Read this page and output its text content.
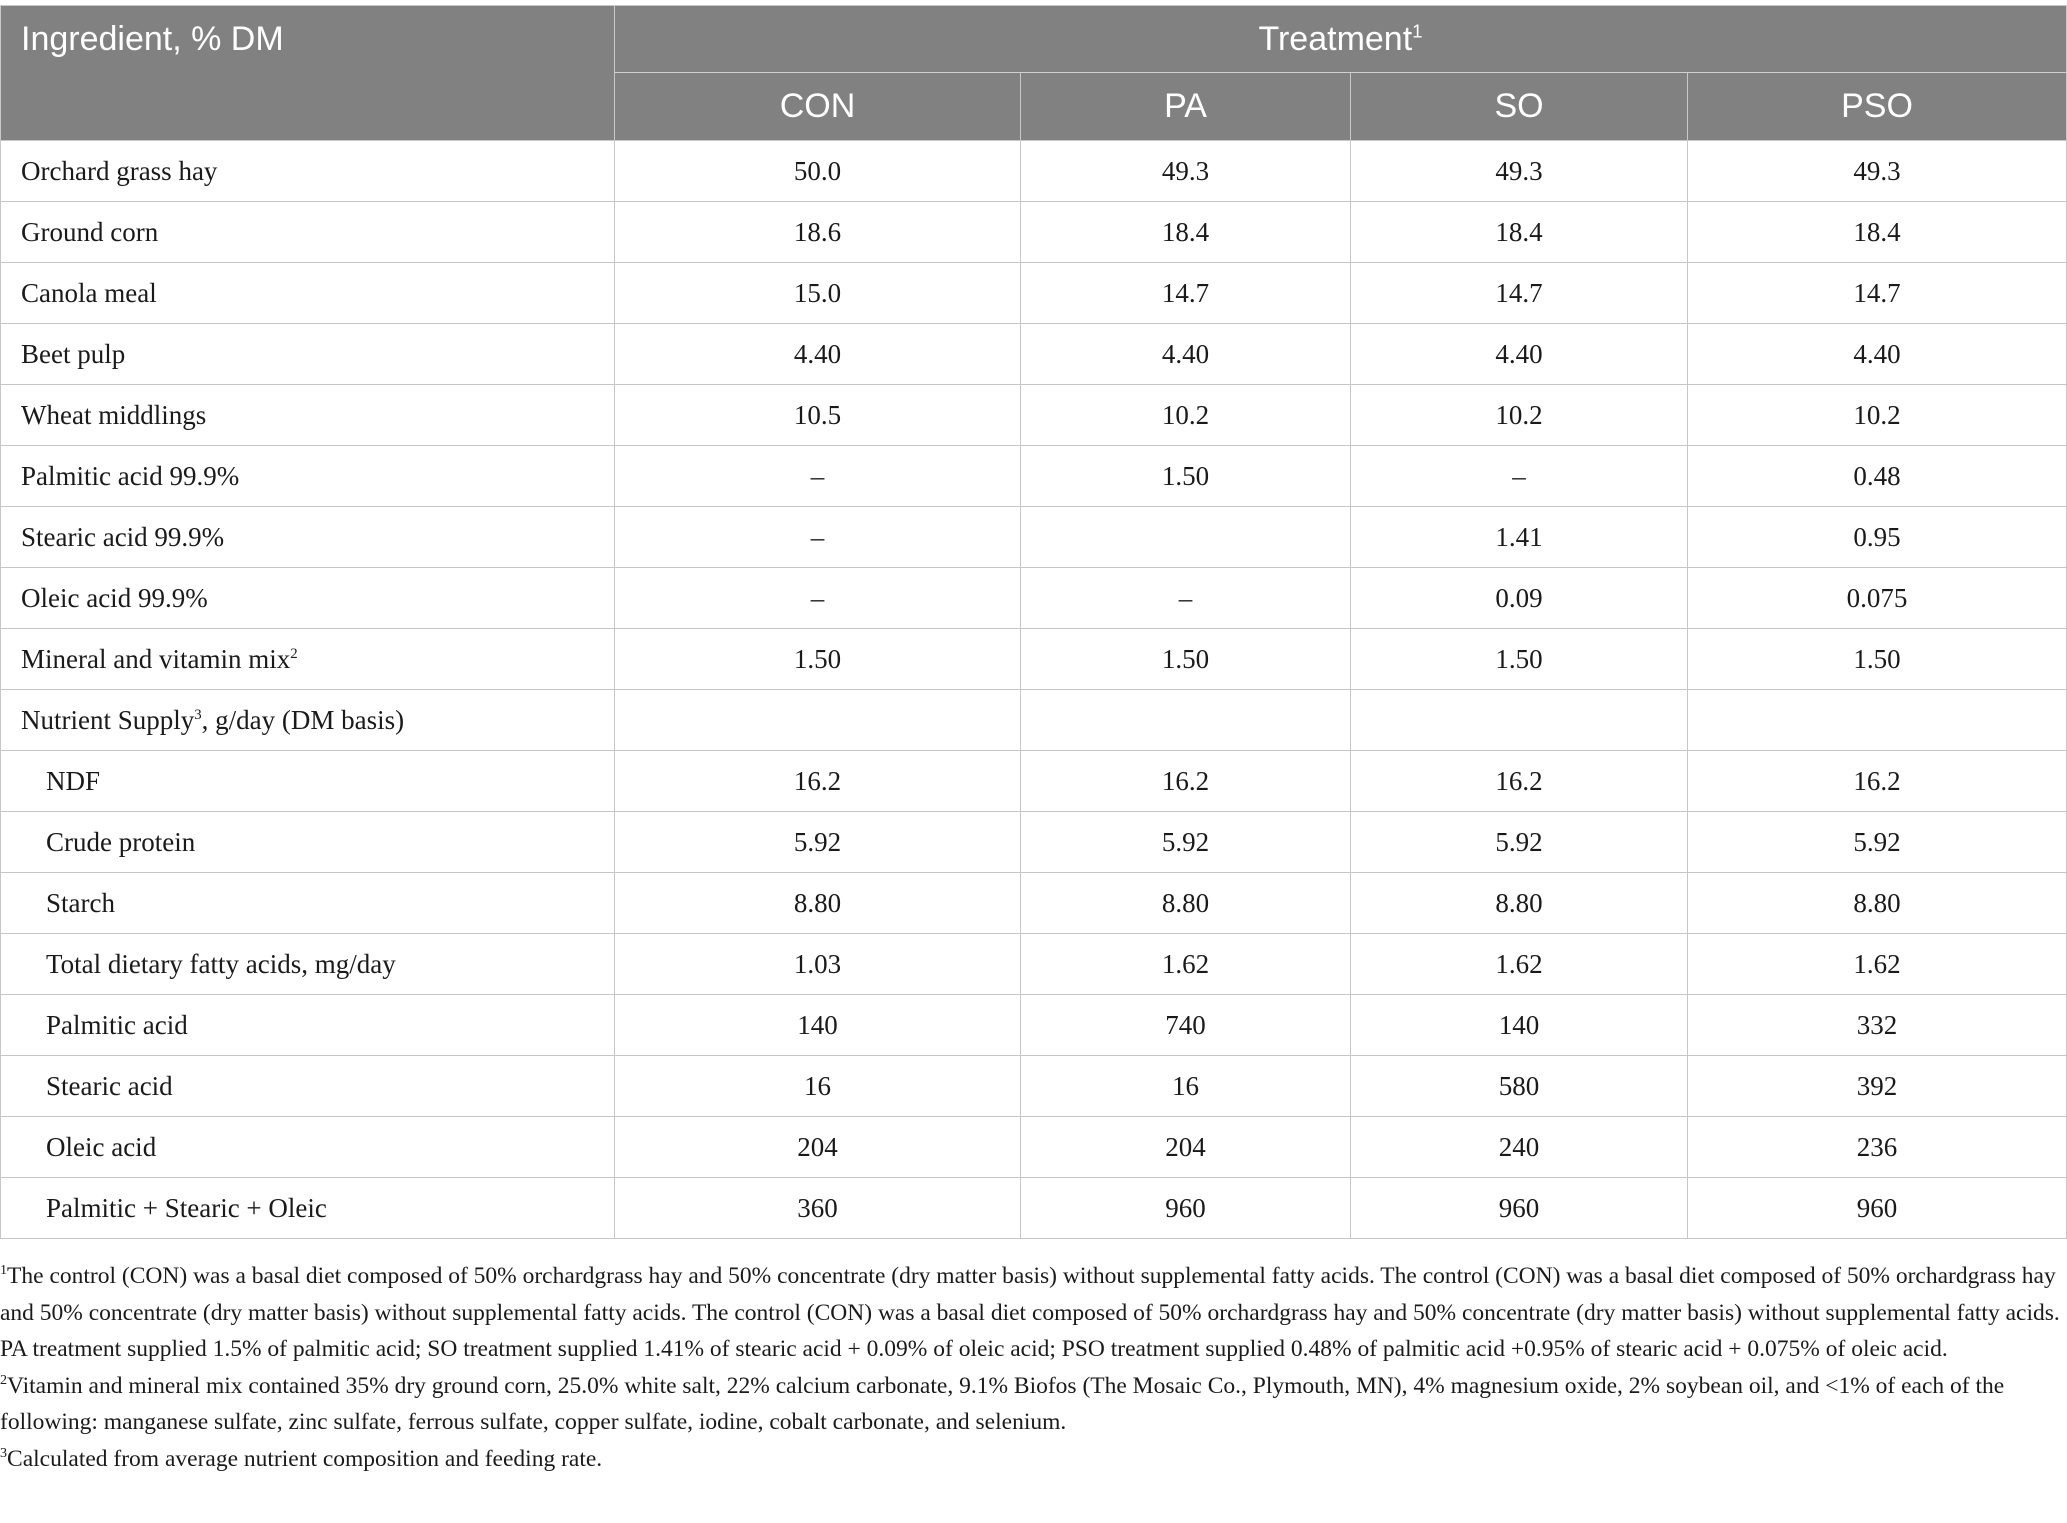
Ingredient, % DM	Treatment$^1$
	CON	PA	SO	PSO
Orchard grass hay	50.0	49.3	49.3	49.3
Ground corn	18.6	18.4	18.4	18.4
Canola meal	15.0	14.7	14.7	14.7
Beet pulp	4.40	4.40	4.40	4.40
Wheat middlings	10.5	10.2	10.2	10.2
Palmitic acid 99.9%	–	1.50	–	0.48
Stearic acid 99.9%	–		1.41	0.95
Oleic acid 99.9%	–	–	0.09	0.075
Mineral and vitamin mix$^2$	1.50	1.50	1.50	1.50
Nutrient Supply$^3$, g/day (DM basis)				
NDF	16.2	16.2	16.2	16.2
Crude protein	5.92	5.92	5.92	5.92
Starch	8.80	8.80	8.80	8.80
Total dietary fatty acids, mg/day	1.03	1.62	1.62	1.62
Palmitic acid	140	740	140	332
Stearic acid	16	16	580	392
Oleic acid	204	204	240	236
Palmitic + Stearic + Oleic	360	960	960	960

$^1$The control (CON) was a basal diet composed of 50% orchardgrass hay and 50% concentrate (dry matter basis) without supplemental fatty acids. The control (CON) was a basal diet composed of 50% orchardgrass hay and 50% concentrate (dry matter basis) without supplemental fatty acids. The control (CON) was a basal diet composed of 50% orchardgrass hay and 50% concentrate (dry matter basis) without supplemental fatty acids. PA treatment supplied 1.5% of palmitic acid; SO treatment supplied 1.41% of stearic acid + 0.09% of oleic acid; PSO treatment supplied 0.48% of palmitic acid +0.95% of stearic acid + 0.075% of oleic acid.

$^2$Vitamin and mineral mix contained 35% dry ground corn, 25.0% white salt, 22% calcium carbonate, 9.1% Biofos (The Mosaic Co., Plymouth, MN), 4% magnesium oxide, 2% soybean oil, and <1% of each of the following: manganese sulfate, zinc sulfate, ferrous sulfate, copper sulfate, iodine, cobalt carbonate, and selenium.

$^3$Calculated from average nutrient composition and feeding rate.
